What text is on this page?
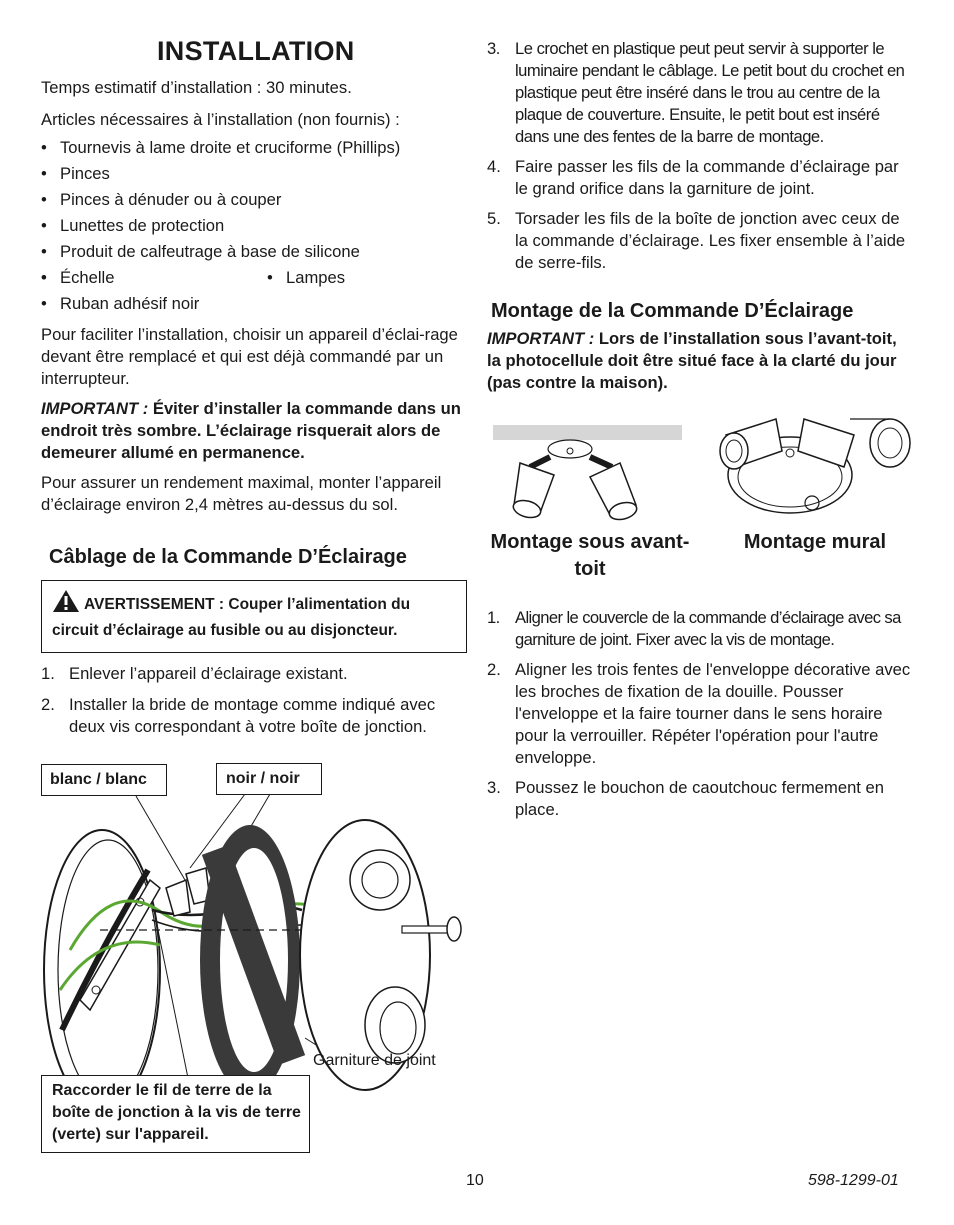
INSTALLATION

Temps estimatif d’installation : 30 minutes.

Articles nécessaires à l’installation (non fournis) :

• Tournevis à lame droite et cruciforme (Phillips)
• Pinces
• Pinces à dénuder ou à couper
• Lunettes de protection
• Produit de calfeutrage à base de silicone
• • Échelle
•	Lampes
• Ruban adhésif noir

Pour faciliter l’installation, choisir un appareil d’éclai-rage devant être remplacé et qui est déjà commandé par un interrupteur.

IMPORTANT : Éviter d’installer la commande dans un endroit très sombre. L’éclairage risquerait alors de demeurer allumé en permanence.

Pour assurer un rendement maximal, monter l’appareil d’éclairage environ 2,4 mètres au-dessus du sol.

Câblage de la Commande D’Éclairage
AVERTISSEMENT : Couper l’alimentation du circuit d’éclairage au fusible ou au disjoncteur.
1. Enlever l’appareil d’éclairage existant.
2. Installer la bride de montage comme indiqué avec deux vis correspondant à votre boîte de jonction.
blanc / blanc	noir / noir
Garniture de joint
Raccorder le fil de terre de la boîte de jonction à la vis de terre (verte) sur l'appareil.
3. Le crochet en plastique peut peut servir à supporter le luminaire pendant le câblage. Le petit bout du crochet en plastique peut être inséré dans le trou au centre de la plaque de couverture. Ensuite, le petit bout est inséré dans une des fentes de la barre de montage.
4. Faire passer les fils de la commande d’éclairage par le grand orifice dans la garniture de joint.
5. Torsader les fils de la boîte de jonction avec ceux de la commande d’éclairage. Les fixer ensemble à l’aide de serre-fils.
Montage de la Commande D’Éclairage

IMPORTANT : Lors de l’installation sous l’avant-toit, la photocellule doit être situé face à la clarté du jour (pas contre la maison).

Montage sous avant-toit
Montage mural
1. Aligner le couvercle de la commande d’éclairage avec sa garniture de joint. Fixer avec la vis de montage.
2. Aligner les trois fentes de l'enveloppe décorative avec les broches de fixation de la douille. Pousser l'enveloppe et la faire tourner dans le sens horaire pour la verrouiller. Répéter l'opération pour l'autre enveloppe.
3. Poussez le bouchon de caoutchouc fermement en place.
10	598-1299-01
